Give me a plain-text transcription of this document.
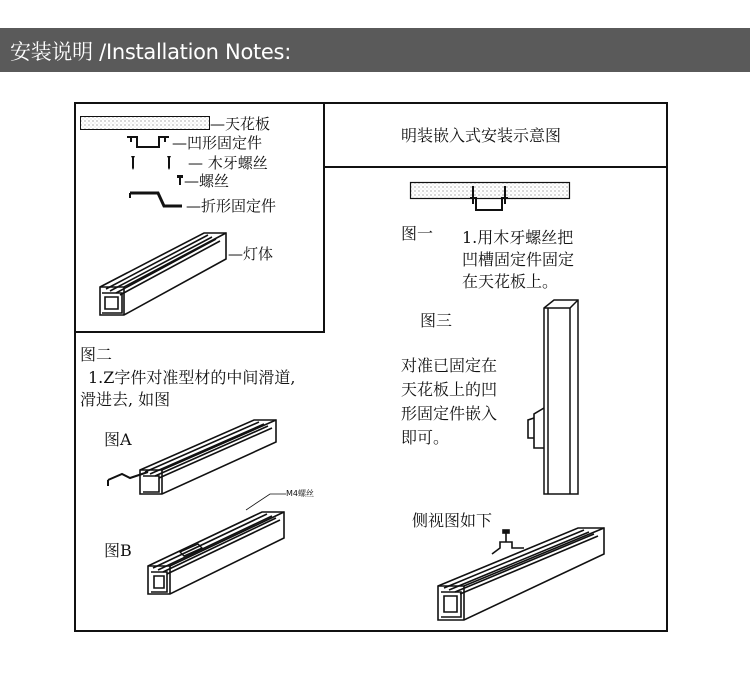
安装说明 /Installation Notes:
—天花板
—凹形固定件
— 木牙螺丝
—螺丝
—折形固定件
—灯体
明装嵌入式安装示意图
图一 1.用木牙螺丝把
凹槽固定件固定
在天花板上。
图三
对准已固定在
天花板上的凹
形固定件嵌入
即可。
侧视图如下
图二
1.Z字件对准型材的中间滑道,
滑进去, 如图
图A
M4螺丝
图B
